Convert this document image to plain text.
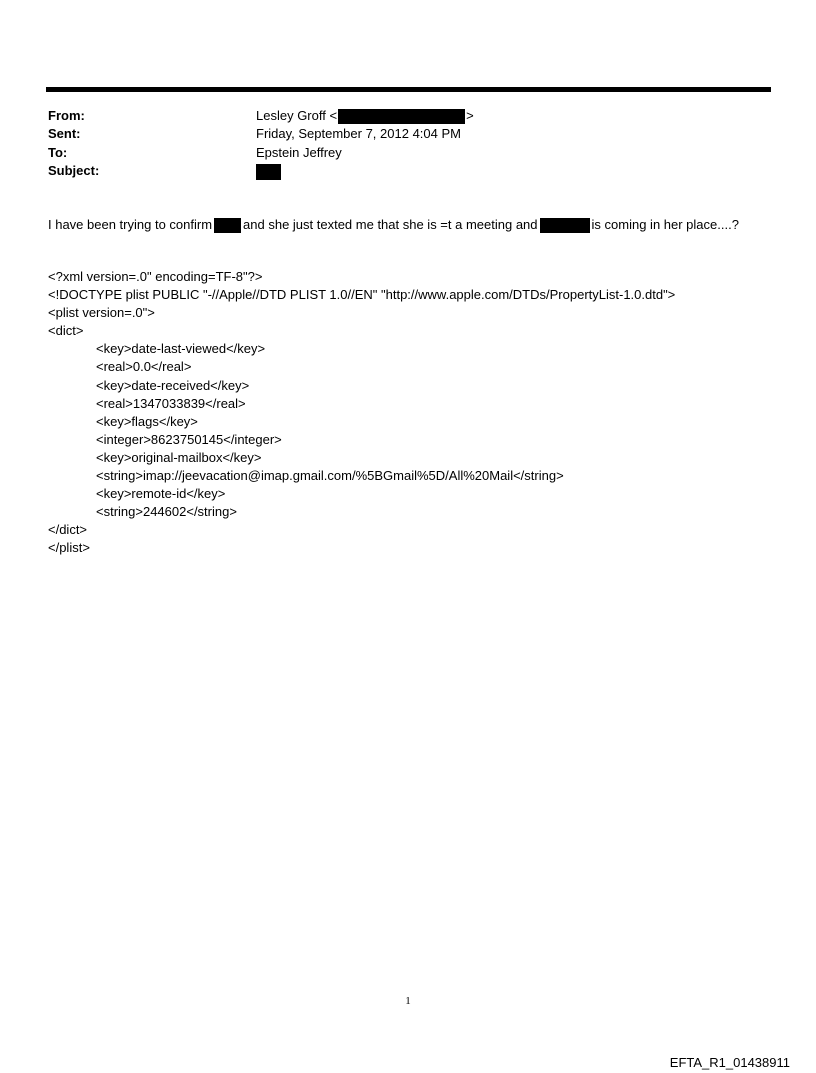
From:	Lesley Groff <	>
Sent:	Friday, September 7, 2012 4:04 PM
To:	Epstein Jeffrey
Subject:
I have been trying to confirm and she just texted me that she is =t a meeting and	is coming in her place....?
<?xml version=.0" encoding=TF-8"?>
<!DOCTYPE plist PUBLIC "-//Apple//DTD PLIST 1.0//EN" "http://www.apple.com/DTDs/PropertyList-1.0.dtd">
<plist version=.0">
<dict>
<key>date-last-viewed</key>
<real>0.0</real>
<key>date-received</key>
<real>1347033839</real>
<key>flags</key>
<integer>8623750145</integer>
<key>original-mailbox</key>
<string>imap://jeevacation@imap.gmail.com/%5BGmail%5D/All%20Mail</string>
<key>remote-id</key>
<string>244602</string>
</dict>
</plist>
1
EFTA_R1_01438911
